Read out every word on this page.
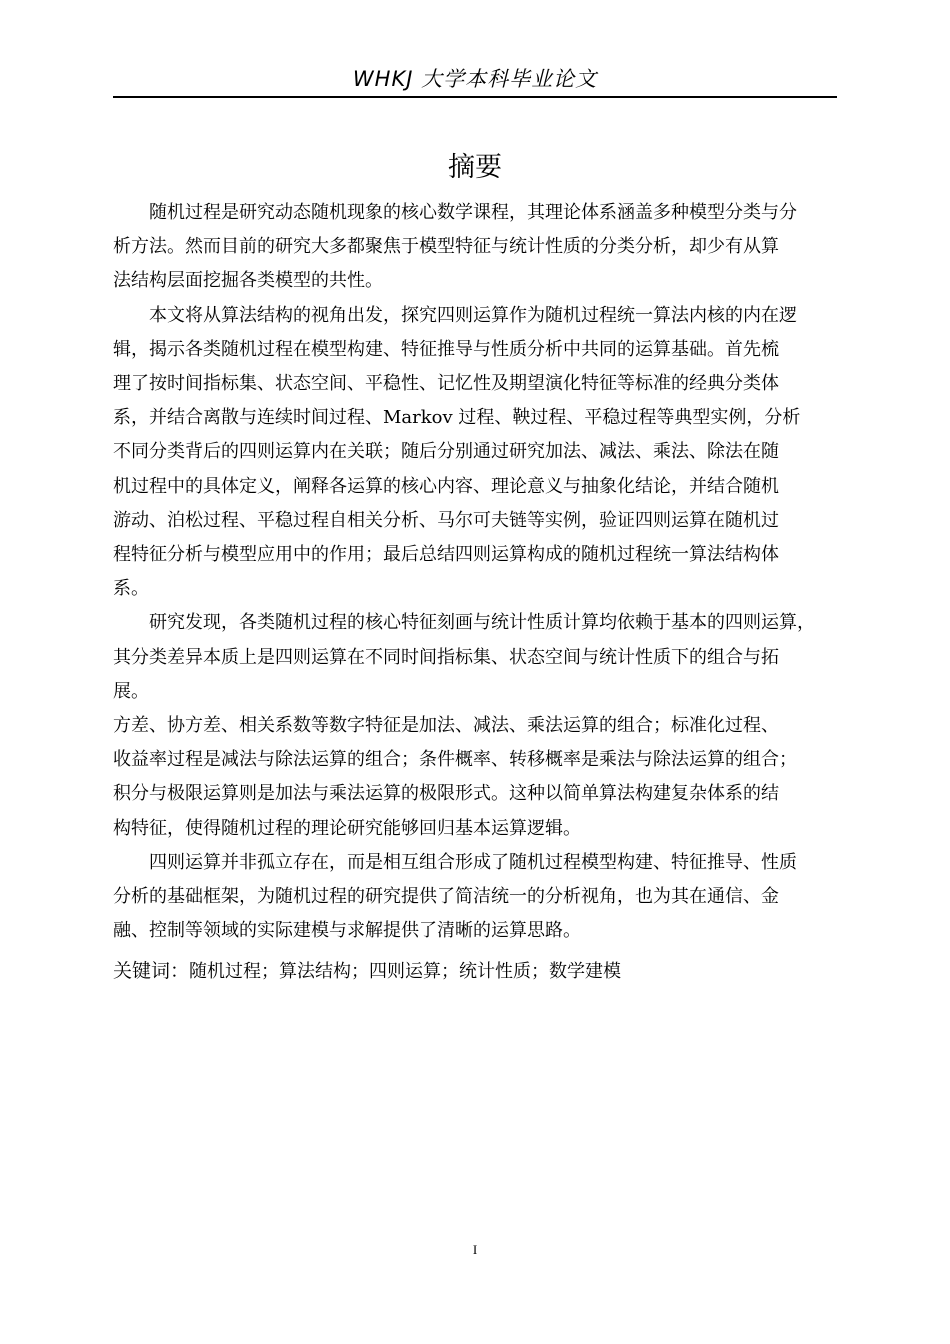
WHKJ 大学本科毕业论文
摘要

随机过程是研究动态随机现象的核心数学课程，其理论体系涵盖多种模型分类与分

析方法。然而目前的研究大多都聚焦于模型特征与统计性质的分类分析，却少有从算

法结构层面挖掘各类模型的共性。

本文将从算法结构的视角出发，探究四则运算作为随机过程统一算法内核的内在逻

辑，揭示各类随机过程在模型构建、特征推导与性质分析中共同的运算基础。首先梳

理了按时间指标集、状态空间、平稳性、记忆性及期望演化特征等标准的经典分类体

系，并结合离散与连续时间过程、Markov 过程、鞅过程、平稳过程等典型实例，分析

不同分类背后的四则运算内在关联；随后分别通过研究加法、减法、乘法、除法在随

机过程中的具体定义，阐释各运算的核心内容、理论意义与抽象化结论，并结合随机

游动、泊松过程、平稳过程自相关分析、马尔可夫链等实例，验证四则运算在随机过

程特征分析与模型应用中的作用；最后总结四则运算构成的随机过程统一算法结构体

系。

研究发现，各类随机过程的核心特征刻画与统计性质计算均依赖于基本的四则运算，

其分类差异本质上是四则运算在不同时间指标集、状态空间与统计性质下的组合与拓

展。

方差、协方差、相关系数等数字特征是加法、减法、乘法运算的组合；标准化过程、

收益率过程是减法与除法运算的组合；条件概率、转移概率是乘法与除法运算的组合；

积分与极限运算则是加法与乘法运算的极限形式。这种以简单算法构建复杂体系的结

构特征，使得随机过程的理论研究能够回归基本运算逻辑。

四则运算并非孤立存在，而是相互组合形成了随机过程模型构建、特征推导、性质

分析的基础框架，为随机过程的研究提供了简洁统一的分析视角，也为其在通信、金

融、控制等领域的实际建模与求解提供了清晰的运算思路。

关键词：随机过程；算法结构；四则运算；统计性质；数学建模
I
